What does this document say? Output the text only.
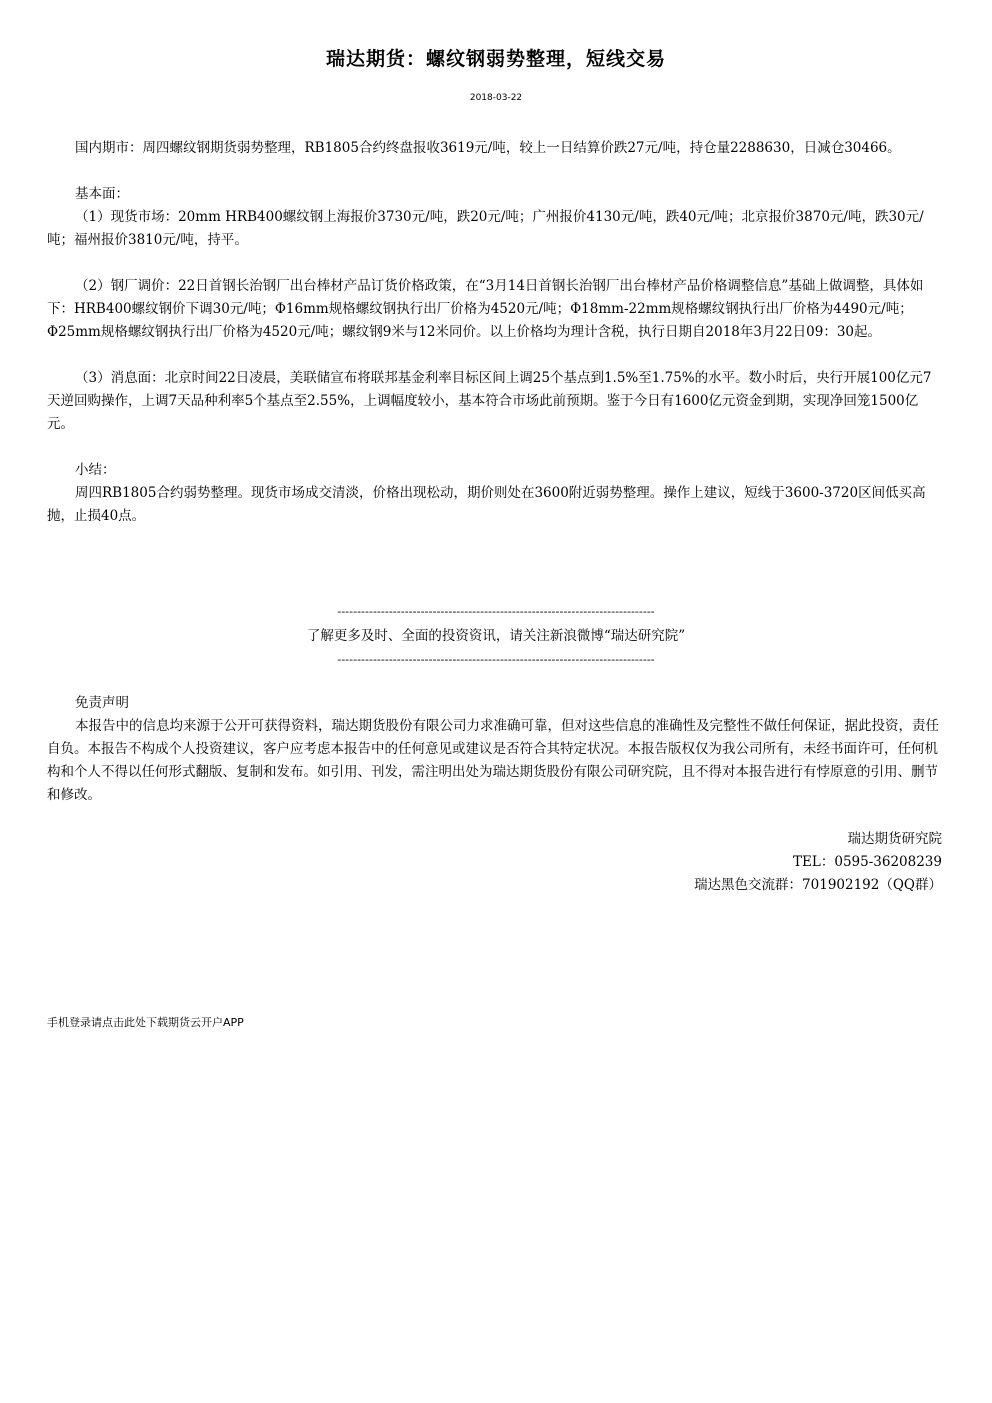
瑞达期货：螺纹钢弱势整理，短线交易
2018-03-22

国内期市：周四螺纹钢期货弱势整理，RB1805合约终盘报收3619元/吨，较上一日结算价跌27元/吨，持仓量2288630，日减仓30466。

基本面：

（1）现货市场：20mm HRB400螺纹钢上海报价3730元/吨，跌20元/吨；广州报价4130元/吨，跌40元/吨；北京报价3870元/吨，跌30元/吨；福州报价3810元/吨，持平。

（2）钢厂调价：22日首钢长治钢厂出台棒材产品订货价格政策，在“3月14日首钢长治钢厂出台棒材产品价格调整信息”基础上做调整，具体如下：HRB400螺纹钢价下调30元/吨；Φ16mm规格螺纹钢执行出厂价格为4520元/吨；Φ18mm-22mm规格螺纹钢执行出厂价格为4490元/吨；Φ25mm规格螺纹钢执行出厂价格为4520元/吨；螺纹钢9米与12米同价。以上价格均为理计含税，执行日期自2018年3月22日09：30起。

（3）消息面：北京时间22日凌晨，美联储宣布将联邦基金利率目标区间上调25个基点到1.5%至1.75%的水平。数小时后，央行开展100亿元7天逆回购操作，上调7天品种利率5个基点至2.55%，上调幅度较小，基本符合市场此前预期。鉴于今日有1600亿元资金到期，实现净回笼1500亿元。

小结：

周四RB1805合约弱势整理。现货市场成交清淡，价格出现松动，期价则处在3600附近弱势整理。操作上建议，短线于3600-3720区间低买高抛，止损40点。

--------------------------------------------------------------------------------
了解更多及时、全面的投资资讯，请关注新浪微博“瑞达研究院”
--------------------------------------------------------------------------------

免责声明

本报告中的信息均来源于公开可获得资料，瑞达期货股份有限公司力求准确可靠，但对这些信息的准确性及完整性不做任何保证，据此投资，责任自负。本报告不构成个人投资建议，客户应考虑本报告中的任何意见或建议是否符合其特定状况。本报告版权仅为我公司所有，未经书面许可，任何机构和个人不得以任何形式翻版、复制和发布。如引用、刊发，需注明出处为瑞达期货股份有限公司研究院，且不得对本报告进行有悖原意的引用、删节和修改。

瑞达期货研究院
TEL：0595-36208239
瑞达黑色交流群：701902192（QQ群）
手机登录请点击此处下载期货云开户APP
